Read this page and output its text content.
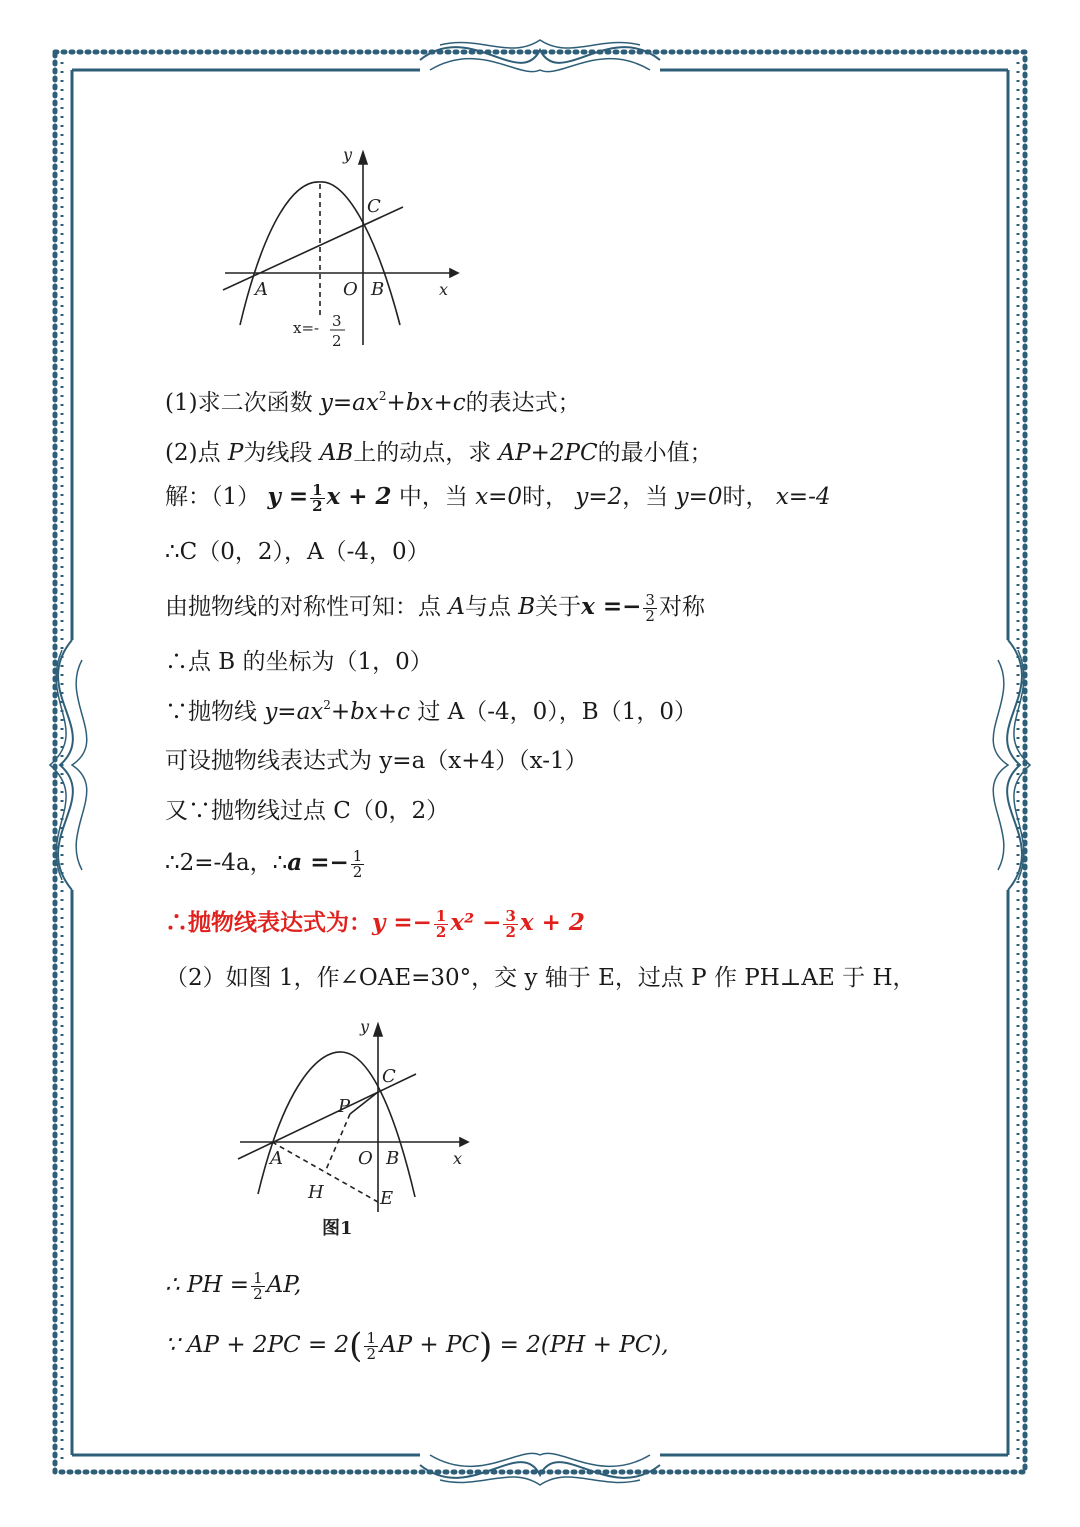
y
C
A	O B	x
x=- 3
2
(1)求二次函数 $y=ax^2+bx+c$的表达式；
(2)点 P为线段 AB上的动点，求 AP+2PC的最小值；
解：（1） $y = \frac{1}{2}$ x + 2 中，当 x=0时， y=2，当 y=0时， x=-4
∴C（0，2），A（-4，0）
由抛物线的对称性可知：点 A与点 B关于$x =- \frac{3}{2}$ 对称
∴点 B 的坐标为（1，0）
∵抛物线 $y=ax^2+bx+c$ 过 A（-4，0），B（1，0）
可设抛物线表达式为 y=a（x+4）（x-1）
又∵抛物线过点 C（0，2）
∴2=-4a，∴a =− $\frac{1}{2}$
∴抛物线表达式为：$y =- \frac{1}{2} x^2 - \frac{3}{2}$ x + 2
（2）如图 1，作∠OAE=30°，交 y 轴于 E，过点 P 作 PH⊥AE 于 H，
y
C
P
A	O B	x
H	E
图1
∴ PH = $\frac{1}{2}$ AP,
∵ AP + $2PC = 2( \frac{1}{2}$ AP + PC) = 2(PH + PC),
